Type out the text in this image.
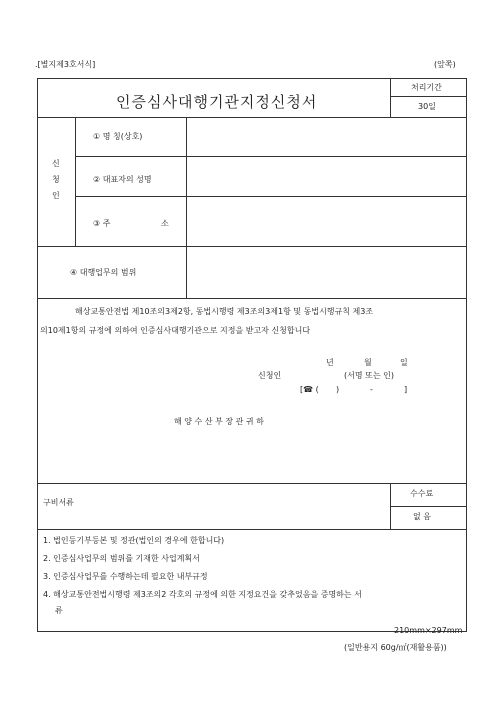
.[별지제3호서식]	(앞쪽)
인증심사대행기관지정신청서
처리기간
30일
신
청
인
① 명 칭(상호)
② 대표자의 성명
③ 주	소
④ 대행업무의 범위
해상교통안전법 제10조의3제2항, 동법시행령 제3조의3제1항 및 동법시행규칙 제3조
의10제1항의 규정에 의하여 인증심사대행기관으로 지정을 받고자 신청합니다
년	월	일
신청인	(서명 또는 인)
[☎ ( )	-	]
해 양 수 산 부 장 관 귀 하
구비서류
수수료
없 음
1. 법인등기부등본 및 정관(법인의 경우에 한합니다)
2. 인증심사업무의 범위를 기재한 사업계획서
3. 인증심사업무를 수행하는데 필요한 내부규정
4. 해상교통안전법시행령 제3조의2 각호의 규정에 의한 지정요건을 갖추었음을 증명하는 서
류
210mm×297mm
(일반용지 60g/㎡(재활용품))
